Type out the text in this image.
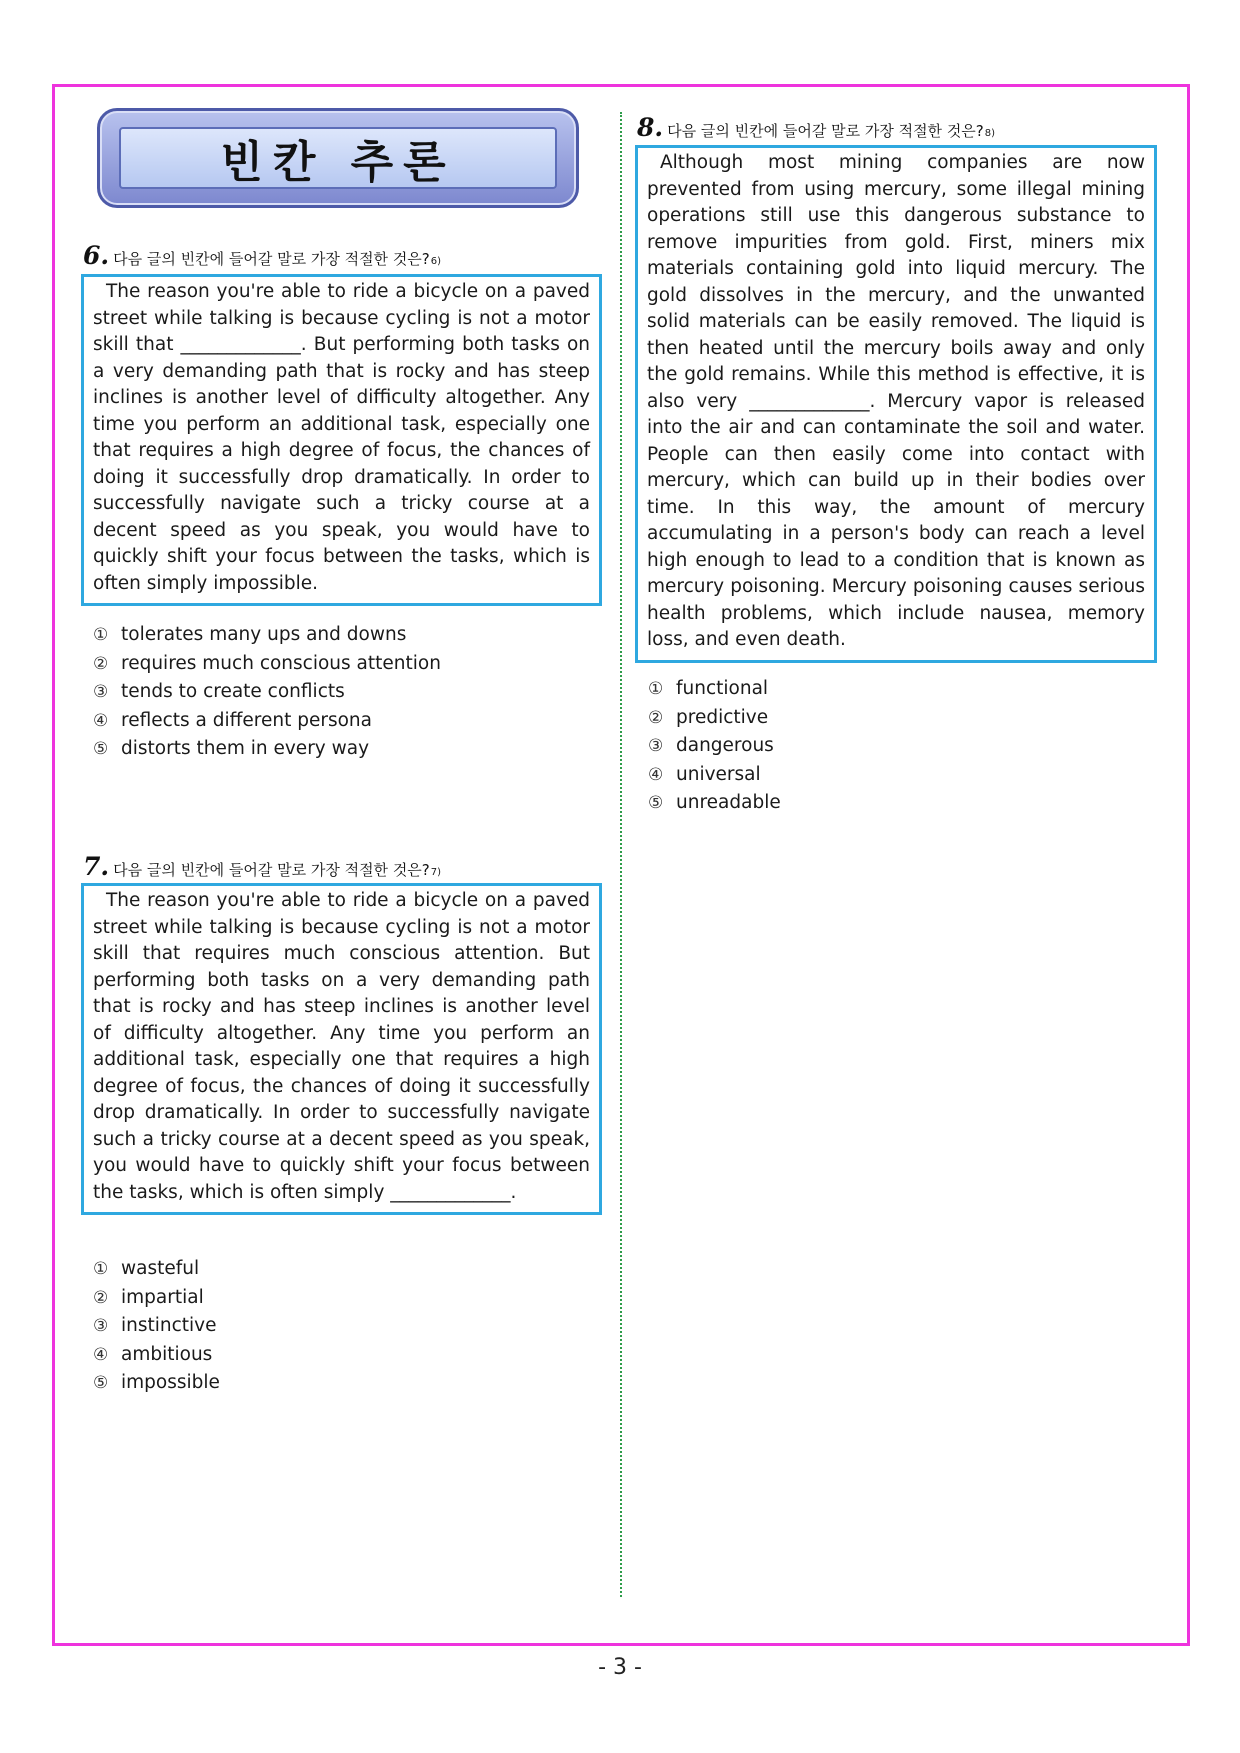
빈칸 추론
6. 다음 글의 빈칸에 들어갈 말로 가장 적절한 것은? 6)
The reason you're able to ride a bicycle on a paved street while talking is because cycling is not a motor skill that _____________. But performing both tasks on a very demanding path that is rocky and has steep inclines is another level of difficulty altogether. Any time you perform an additional task, especially one that requires a high degree of focus, the chances of doing it successfully drop dramatically. In order to successfully navigate such a tricky course at a decent speed as you speak, you would have to quickly shift your focus between the tasks, which is often simply impossible.
① tolerates many ups and downs
② requires much conscious attention
③ tends to create conflicts
④ reflects a different persona
⑤ distorts them in every way
7. 다음 글의 빈칸에 들어갈 말로 가장 적절한 것은? 7)
The reason you're able to ride a bicycle on a paved street while talking is because cycling is not a motor skill that requires much conscious attention. But performing both tasks on a very demanding path that is rocky and has steep inclines is another level of difficulty altogether. Any time you perform an additional task, especially one that requires a high degree of focus, the chances of doing it successfully drop dramatically. In order to successfully navigate such a tricky course at a decent speed as you speak, you would have to quickly shift your focus between the tasks, which is often simply _____________.
① wasteful
② impartial
③ instinctive
④ ambitious
⑤ impossible
8. 다음 글의 빈칸에 들어갈 말로 가장 적절한 것은? 8)
Although most mining companies are now prevented from using mercury, some illegal mining operations still use this dangerous substance to remove impurities from gold. First, miners mix materials containing gold into liquid mercury. The gold dissolves in the mercury, and the unwanted solid materials can be easily removed. The liquid is then heated until the mercury boils away and only the gold remains. While this method is effective, it is also very _____________. Mercury vapor is released into the air and can contaminate the soil and water. People can then easily come into contact with mercury, which can build up in their bodies over time. In this way, the amount of mercury accumulating in a person's body can reach a level high enough to lead to a condition that is known as mercury poisoning. Mercury poisoning causes serious health problems, which include nausea, memory loss, and even death.
① functional
② predictive
③ dangerous
④ universal
⑤ unreadable
- 3 -
